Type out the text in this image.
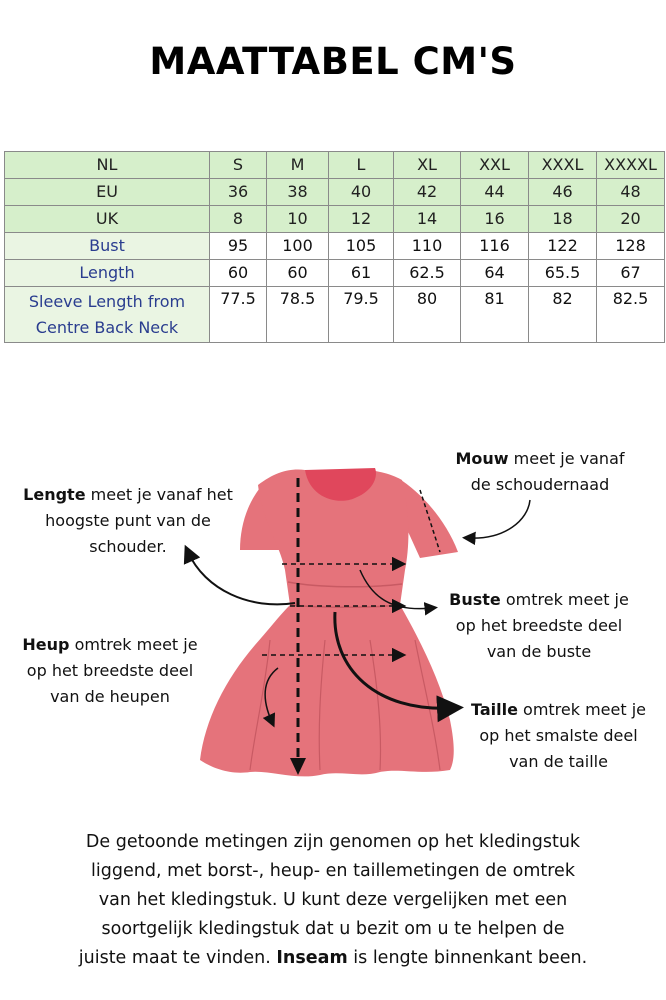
MAATTABEL CM'S
NL	S	M	L	XL	XXL	XXXL	XXXXL
EU	36	38	40	42	44	46	48
UK	8	10	12	14	16	18	20
Bust	95	100	105	110	116	122	128
Length	60	60	61	62.5	64	65.5	67

Sleeve Length from
Centre Back Neck	77.5	78.5	79.5	80	81	82	82.5
Lengte meet je vanaf het
hoogste punt van de
schouder.
Mouw meet je vanaf
de schoudernaad
Buste omtrek meet je
op het breedste deel
van de buste
Heup omtrek meet je
op het breedste deel
van de heupen
Taille omtrek meet je
op het smalste deel
van de taille
De getoonde metingen zijn genomen op het kledingstuk
liggend, met borst-, heup- en taillemetingen de omtrek
van het kledingstuk. U kunt deze vergelijken met een
soortgelijk kledingstuk dat u bezit om u te helpen de
juiste maat te vinden. Inseam is lengte binnenkant been.
